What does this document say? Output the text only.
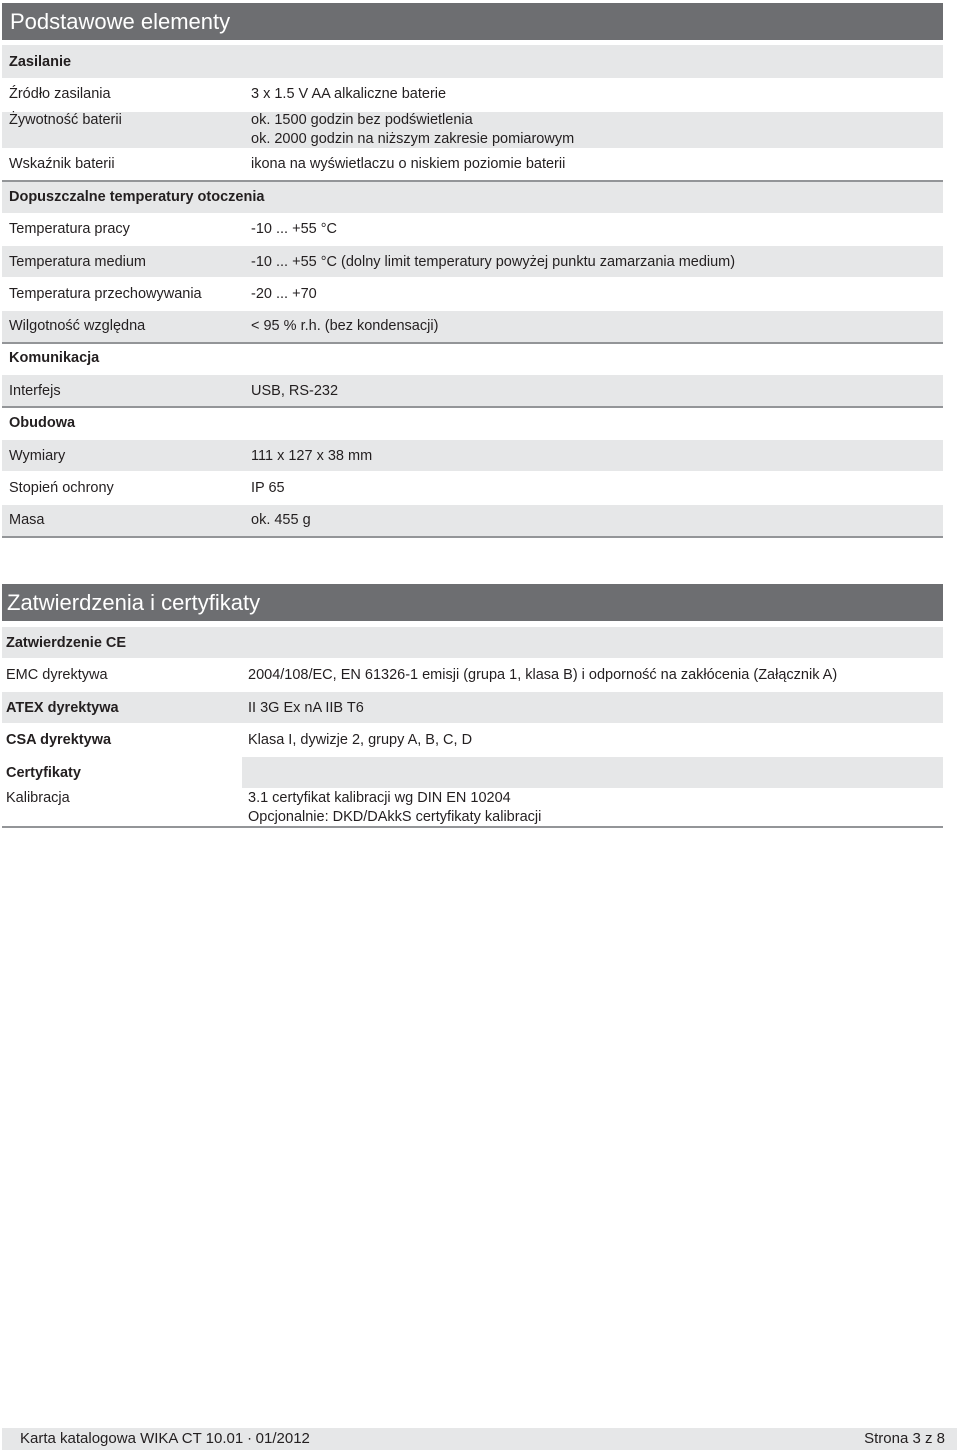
Podstawowe elementy
Zasilanie
Źródło zasilania	3 x 1.5 V AA alkaliczne baterie
Żywotność baterii	ok. 1500 godzin bez podświetlenia
ok. 2000 godzin na niższym zakresie pomiarowym
Wskaźnik baterii	ikona na wyświetlaczu o niskiem poziomie baterii
Dopuszczalne temperatury otoczenia
Temperatura pracy	-10 ... +55 °C
Temperatura medium	-10 ... +55 °C (dolny limit temperatury powyżej punktu zamarzania medium)
Temperatura przechowywania	-20 ... +70
Wilgotność względna	< 95 % r.h. (bez kondensacji)
Komunikacja
Interfejs	USB, RS-232
Obudowa
Wymiary	111 x 127 x 38 mm
Stopień ochrony	IP 65
Masa	ok. 455 g
Zatwierdzenia i certyfikaty
Zatwierdzenie CE
EMC dyrektywa	2004/108/EC, EN 61326-1 emisji (grupa 1, klasa B) i odporność na zakłócenia (Załącznik A)
ATEX dyrektywa	II 3G Ex nA IIB T6
CSA dyrektywa	Klasa I, dywizje 2, grupy A, B, C, D
Certyfikaty
Kalibracja	3.1 certyfikat kalibracji wg DIN EN 10204
Opcjonalnie: DKD/DAkkS certyfikaty kalibracji
Karta katalogowa WIKA CT 10.01 ∙ 01/2012	Strona 3 z 8
